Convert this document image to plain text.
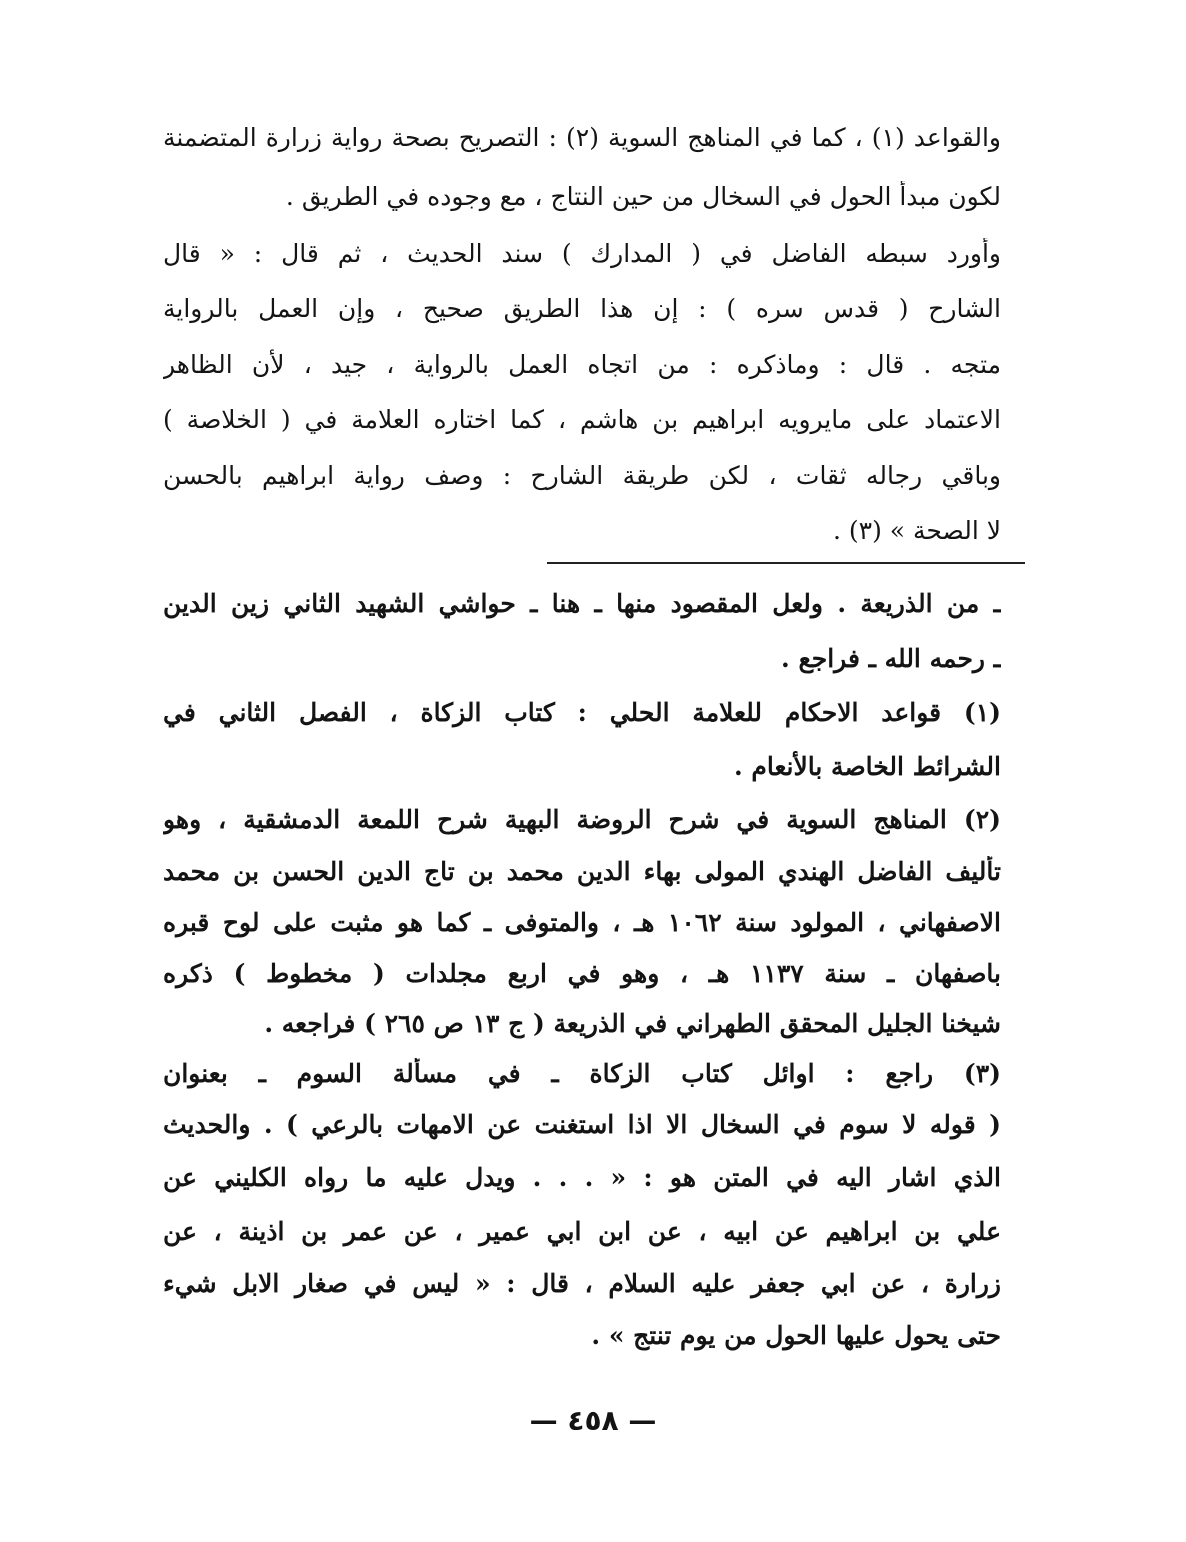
والقواعد (١) ، كما في المناهج السوية (٢) : التصريح بصحة رواية زرارة المتضمنة
لكون مبدأ الحول في السخال من حين النتاج ، مع وجوده في الطريق .
وأورد سبطه الفاضل في ( المدارك ) سند الحديث ، ثم قال : « قال
الشارح ( قدس سره ) : إن هذا الطريق صحيح ، وإن العمل بالرواية
متجه . قال : وماذكره : من اتجاه العمل بالرواية ، جيد ، لأن الظاهر
الاعتماد على مايرويه ابراهيم بن هاشم ، كما اختاره العلامة في ( الخلاصة )
وباقي رجاله ثقات ، لكن طريقة الشارح : وصف رواية ابراهيم بالحسن
لا الصحة » (٣) .
ـ من الذريعة . ولعل المقصود منها ـ هنا ـ حواشي الشهيد الثاني زين الدين
ـ رحمه الله ـ فراجع .
(١) قواعد الاحكام للعلامة الحلي : كتاب الزكاة ، الفصل الثاني في
الشرائط الخاصة بالأنعام .
(٢) المناهج السوية في شرح الروضة البهية شرح اللمعة الدمشقية ، وهو
تأليف الفاضل الهندي المولى بهاء الدين محمد بن تاج الدين الحسن بن محمد
الاصفهاني ، المولود سنة ١٠٦٢ هـ ، والمتوفى ـ كما هو مثبت على لوح قبره
باصفهان ـ سنة ١١٣٧ هـ ، وهو في اربع مجلدات ( مخطوط ) ذكره
شيخنا الجليل المحقق الطهراني في الذريعة ( ج ١٣ ص ٢٦٥ ) فراجعه .
(٣) راجع : اوائل كتاب الزكاة ـ في مسألة السوم ـ بعنوان
( قوله لا سوم في السخال الا اذا استغنت عن الامهات بالرعي ) . والحديث
الذي اشار اليه في المتن هو : « . . . ويدل عليه ما رواه الكليني عن
علي بن ابراهيم عن ابيه ، عن ابن ابي عمير ، عن عمر بن اذينة ، عن
زرارة ، عن ابي جعفر عليه السلام ، قال : « ليس في صغار الابل شيء
حتى يحول عليها الحول من يوم تنتج » .
— ٤٥٨ —
